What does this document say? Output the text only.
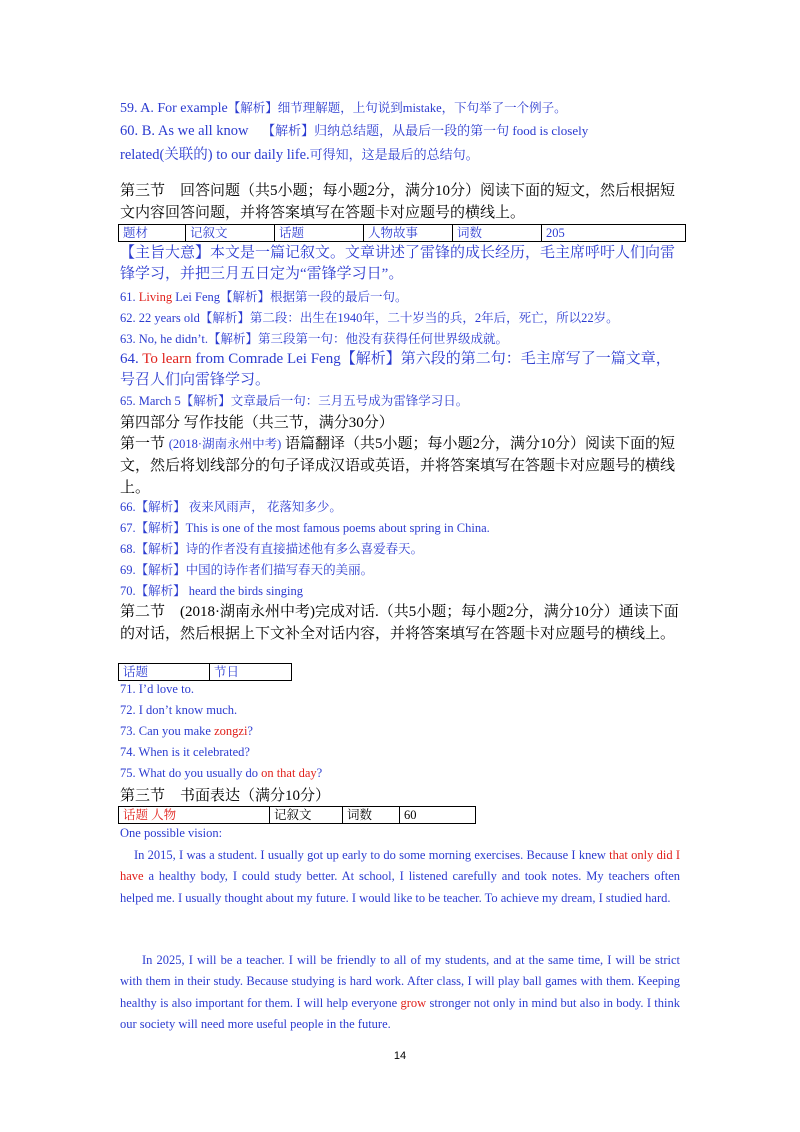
59. A. For example【解析】细节理解题，上句说到mistake，下句举了一个例子。
60. B. As we all know 【解析】归纳总结题，从最后一段的第一句 food is closely
related(关联的) to our daily life.可得知，这是最后的总结句。
第三节　回答问题（共5小题；每小题2分，满分10分）阅读下面的短文，然后根据短文内容回答问题，并将答案填写在答题卡对应题号的横线上。
题材	记叙文	话题	人物故事	词数	205
【主旨大意】本文是一篇记叙文。文章讲述了雷锋的成长经历，毛主席呼吁人们向雷锋学习，并把三月五日定为“雷锋学习日”。
61. Living Lei Feng【解析】根据第一段的最后一句。
62. 22 years old【解析】第二段：出生在1940年，二十岁当的兵，2年后，死亡，所以22岁。
63. No, he didn’t.【解析】第三段第一句：他没有获得任何世界级成就。
64. To learn from Comrade Lei Feng【解析】第六段的第二句：毛主席写了一篇文章，号召人们向雷锋学习。
65. March 5【解析】文章最后一句：三月五号成为雷锋学习日。
第四部分 写作技能（共三节，满分30分）
第一节 (2018·湖南永州中考) 语篇翻译（共5小题；每小题2分，满分10分）阅读下面的短文，然后将划线部分的句子译成汉语或英语，并将答案填写在答题卡对应题号的横线上。
66.【解析】 夜来风雨声， 花落知多少。
67.【解析】This is one of the most famous poems about spring in China.
68.【解析】诗的作者没有直接描述他有多么喜爱春天。
69.【解析】中国的诗作者们描写春天的美丽。
70.【解析】 heard the birds singing
第二节　(2018·湖南永州中考)完成对话.（共5小题；每小题2分，满分10分）通读下面的对话，然后根据上下文补全对话内容，并将答案填写在答题卡对应题号的横线上。
话题	节日
71. I’d love to.
72. I don’t know much.
73. Can you make zongzi?
74. When is it celebrated?
75. What do you usually do on that day?
第三节　书面表达（满分10分）
话题 人物	记叙文	词数	60
One possible vision:
In 2015, I was a student. I usually got up early to do some morning exercises. Because I knew that only did I have a healthy body, I could study better. At school, I listened carefully and took notes. My teachers often helped me. I usually thought about my future. I would like to be teacher. To achieve my dream, I studied hard.
In 2025, I will be a teacher. I will be friendly to all of my students, and at the same time, I will be strict with them in their study. Because studying is hard work. After class, I will play ball games with them. Keeping healthy is also important for them. I will help everyone grow stronger not only in mind but also in body. I think our society will need more useful people in the future.
14
